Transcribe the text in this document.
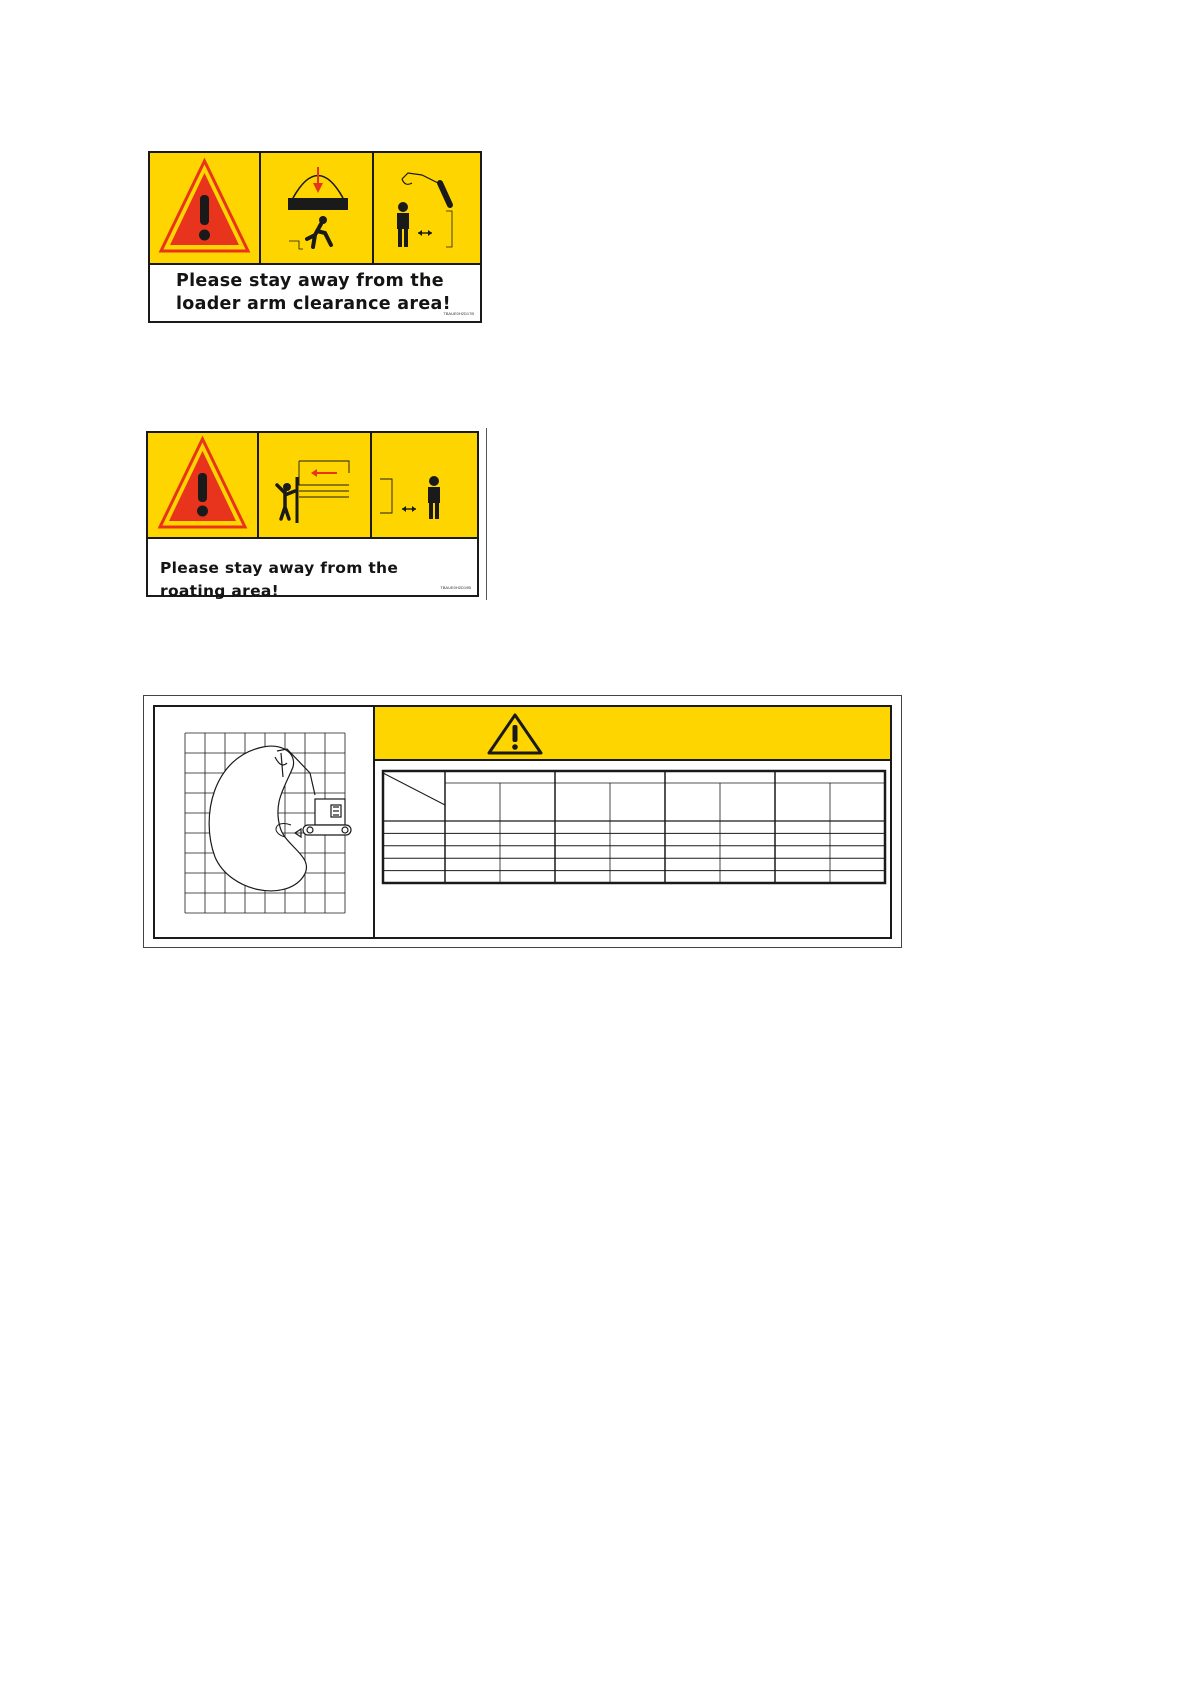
Please stay away from the loader arm clearance area!

TBAUE0H2D17B

Please stay away from the roating area!	TBAUE0H2D19B
